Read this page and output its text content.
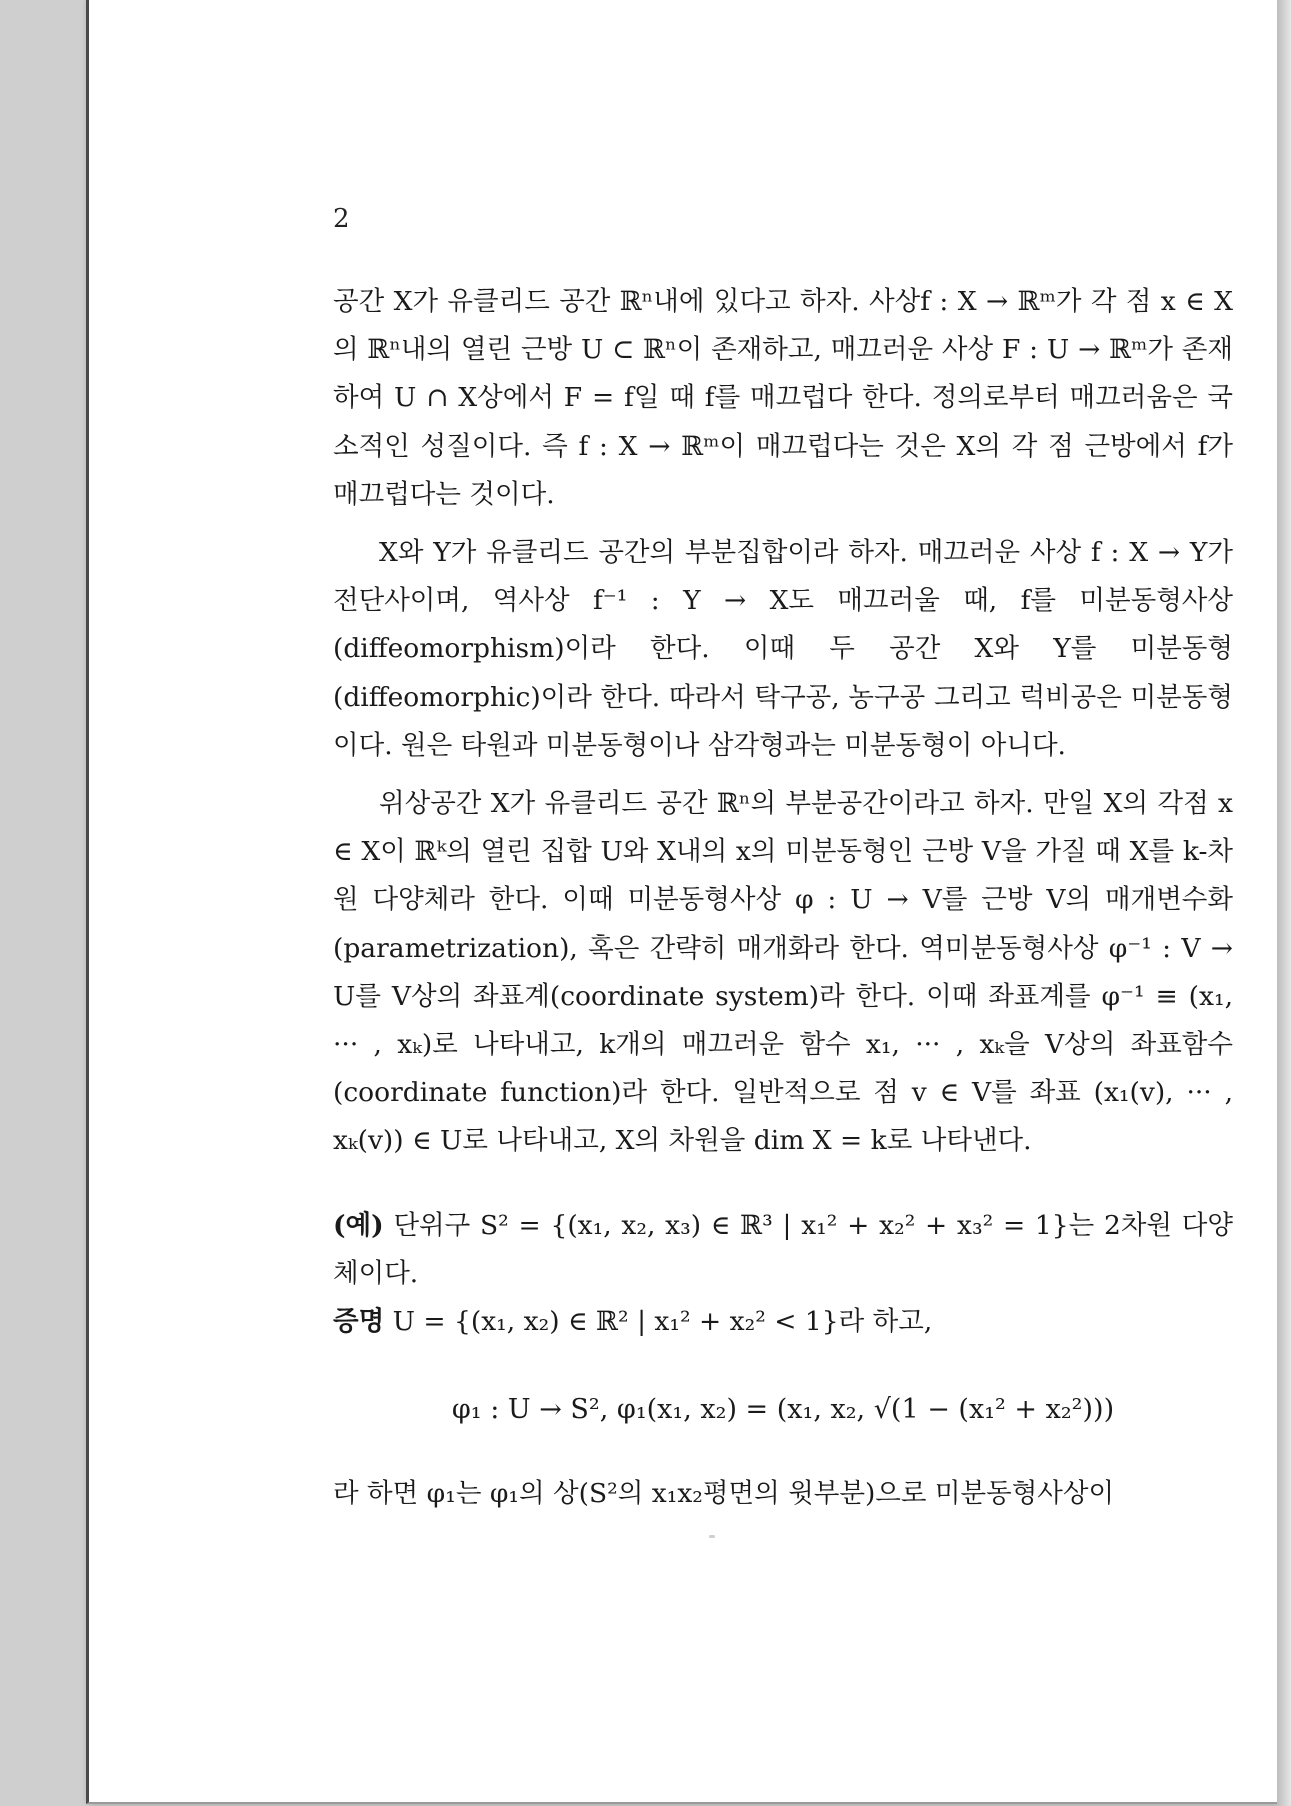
2

공간 X가 유클리드 공간 ℝⁿ내에 있다고 하자. 사상f : X → ℝᵐ가 각 점 x ∈ X의 ℝⁿ내의 열린 근방 U ⊂ ℝⁿ이 존재하고, 매끄러운 사상 F : U → ℝᵐ가 존재하여 U ∩ X상에서 F = f일 때 f를 매끄럽다 한다. 정의로부터 매끄러움은 국소적인 성질이다. 즉 f : X → ℝᵐ이 매끄럽다는 것은 X의 각 점 근방에서 f가 매끄럽다는 것이다.

X와 Y가 유클리드 공간의 부분집합이라 하자. 매끄러운 사상 f : X → Y가 전단사이며, 역사상 f⁻¹ : Y → X도 매끄러울 때, f를 미분동형사상(diffeomorphism)이라 한다. 이때 두 공간 X와 Y를 미분동형(diffeomorphic)이라 한다. 따라서 탁구공, 농구공 그리고 럭비공은 미분동형이다. 원은 타원과 미분동형이나 삼각형과는 미분동형이 아니다.

위상공간 X가 유클리드 공간 ℝⁿ의 부분공간이라고 하자. 만일 X의 각점 x ∈ X이 ℝᵏ의 열린 집합 U와 X내의 x의 미분동형인 근방 V을 가질 때 X를 k-차원 다양체라 한다. 이때 미분동형사상 φ : U → V를 근방 V의 매개변수화(parametrization), 혹은 간략히 매개화라 한다. 역미분동형사상 φ⁻¹ : V → U를 V상의 좌표계(coordinate system)라 한다. 이때 좌표계를 φ⁻¹ ≡ (x₁, ··· , xₖ)로 나타내고, k개의 매끄러운 함수 x₁, ··· , xₖ을 V상의 좌표함수(coordinate function)라 한다. 일반적으로 점 v ∈ V를 좌표 (x₁(v), ··· , xₖ(v)) ∈ U로 나타내고, X의 차원을 dim X = k로 나타낸다.

(예) 단위구 S² = {(x₁, x₂, x₃) ∈ ℝ³ | x₁² + x₂² + x₃² = 1}는 2차원 다양체이다.

증명 U = {(x₁, x₂) ∈ ℝ² | x₁² + x₂² < 1}라 하고,

φ₁ : U → S², φ₁(x₁, x₂) = (x₁, x₂, √(1 − (x₁² + x₂²)))

라 하면 φ₁는 φ₁의 상(S²의 x₁x₂평면의 윗부분)으로 미분동형사상이
